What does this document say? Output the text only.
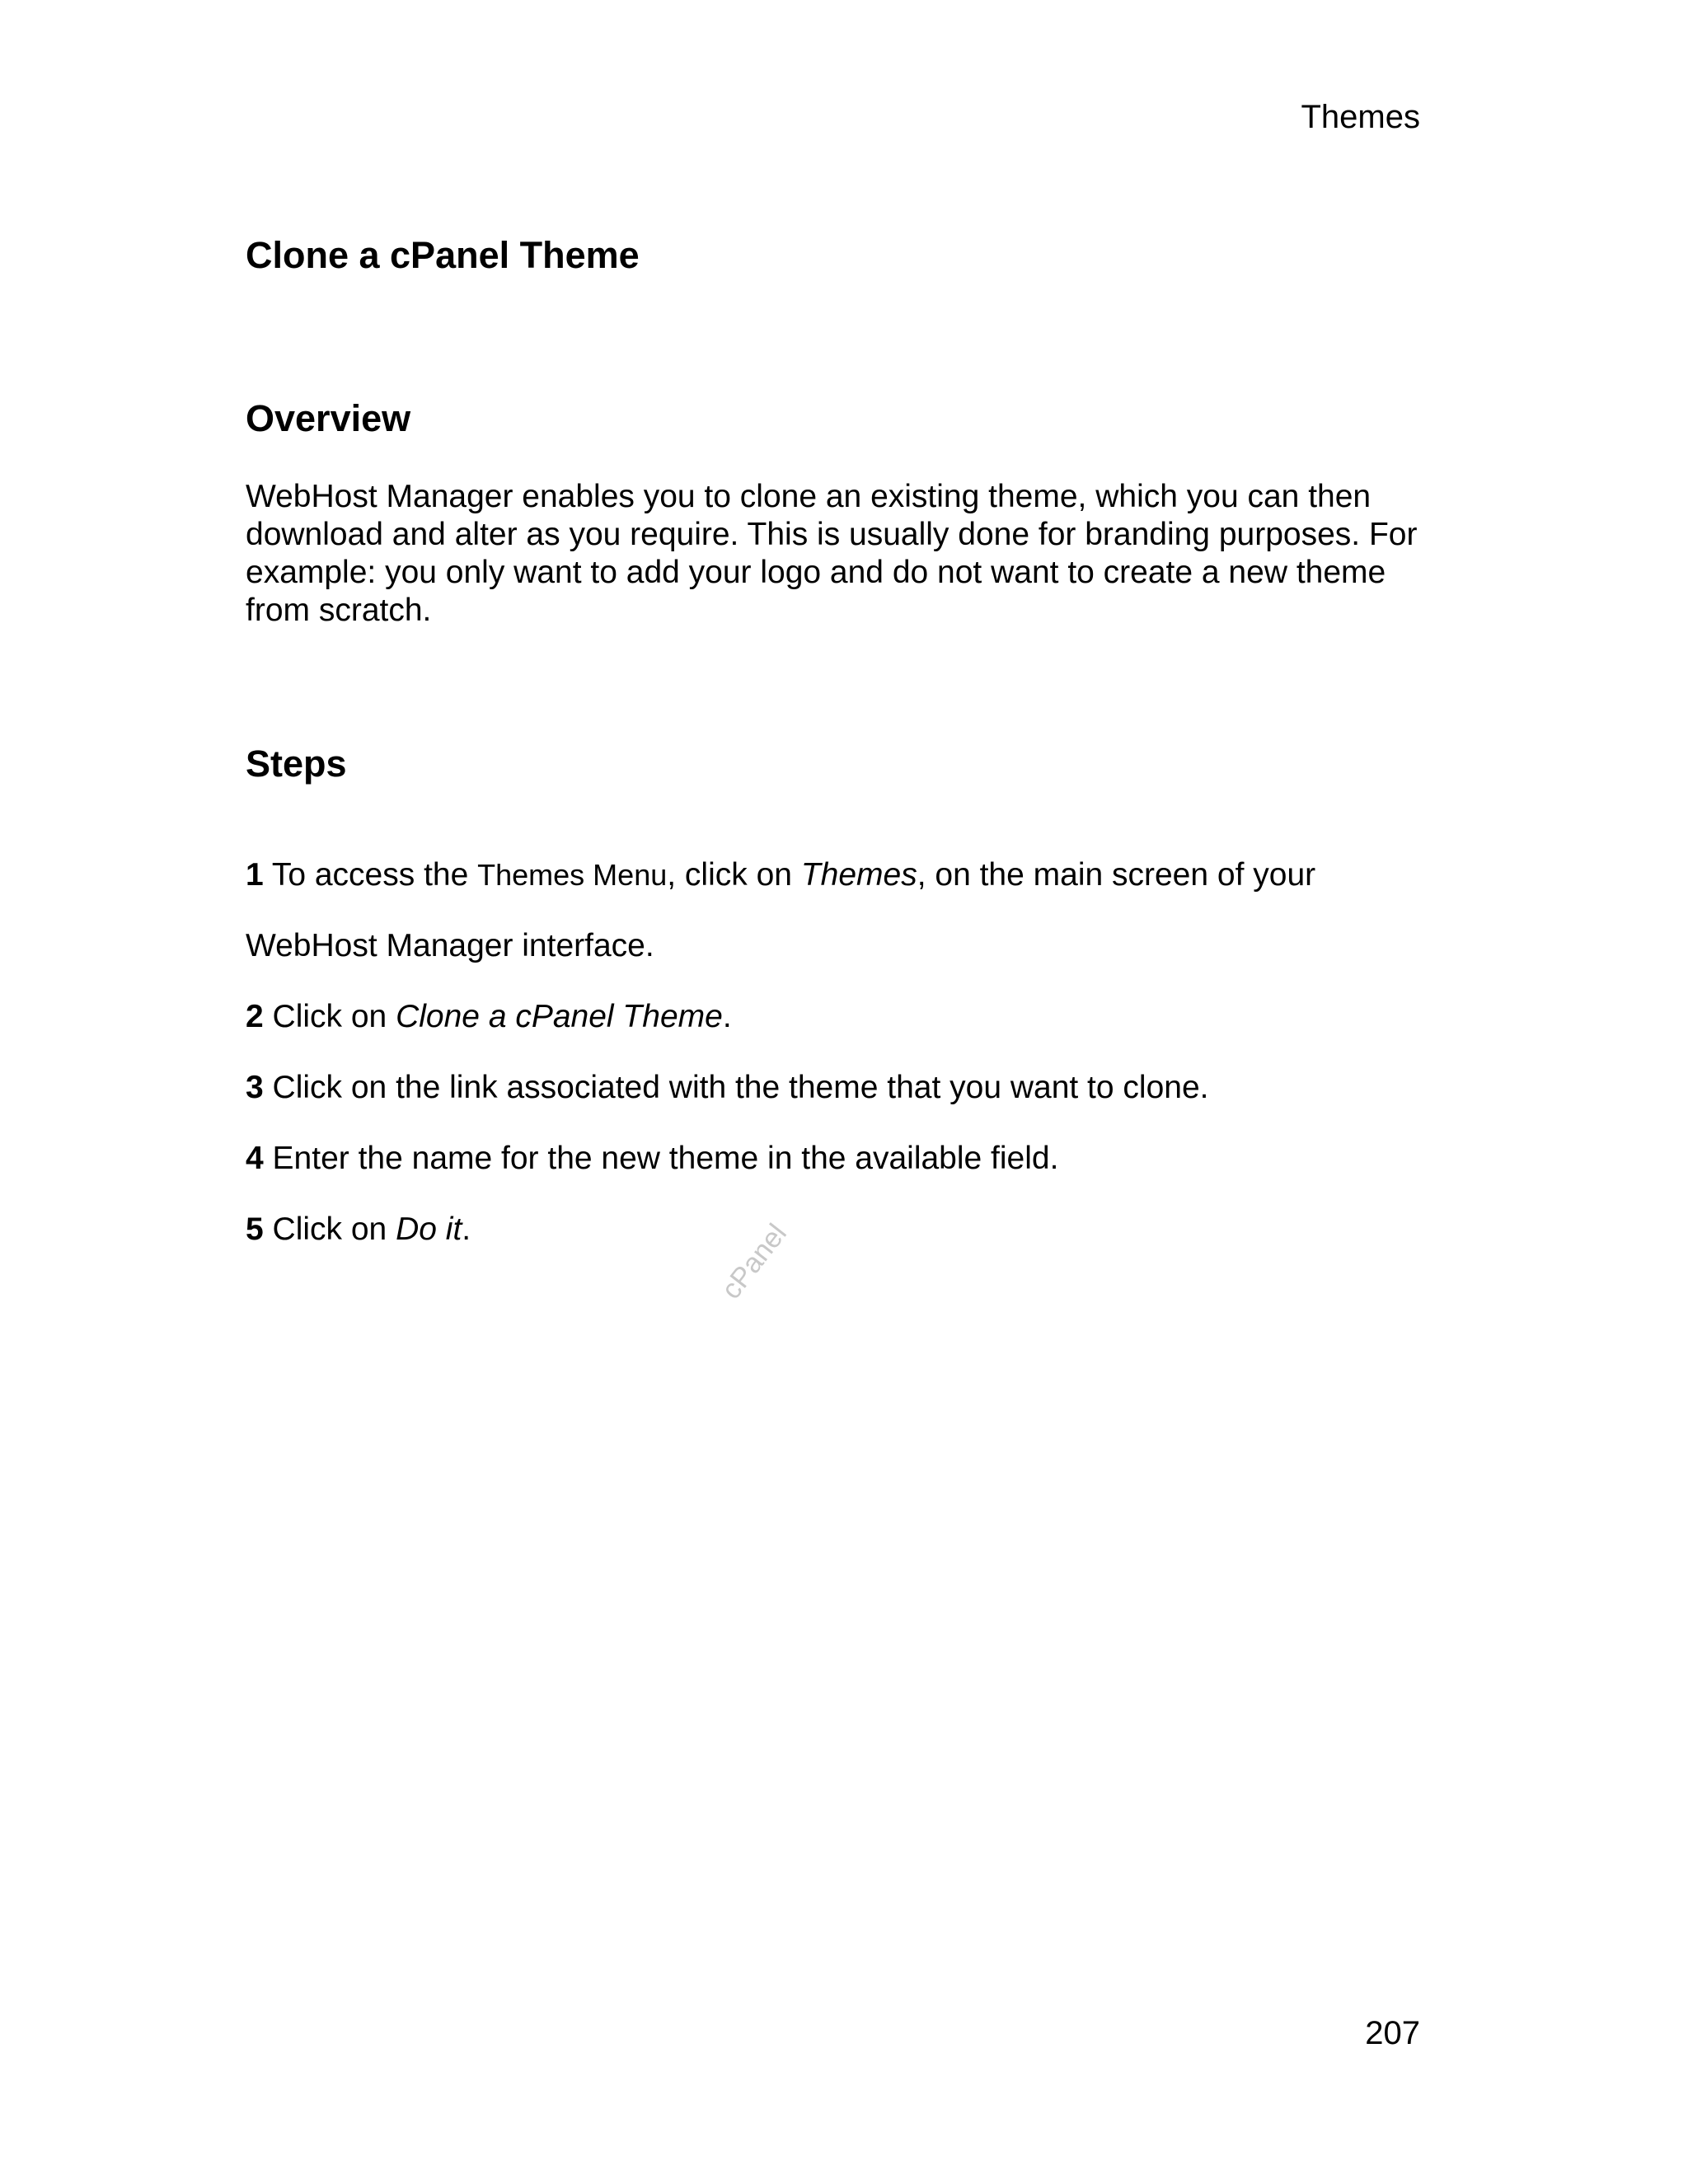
Themes
Clone a cPanel Theme
Overview

WebHost Manager enables you to clone an existing theme, which you can then download and alter as you require. This is usually done for branding purposes. For example: you only want to add your logo and do not want to create a new theme from scratch.

Steps

1 To access the Themes Menu, click on Themes, on the main screen of your

WebHost Manager interface.

2 Click on Clone a cPanel Theme.

3 Click on the link associated with the theme that you want to clone.

4 Enter the name for the new theme in the available field.

5 Click on Do it.	cPanel
207
